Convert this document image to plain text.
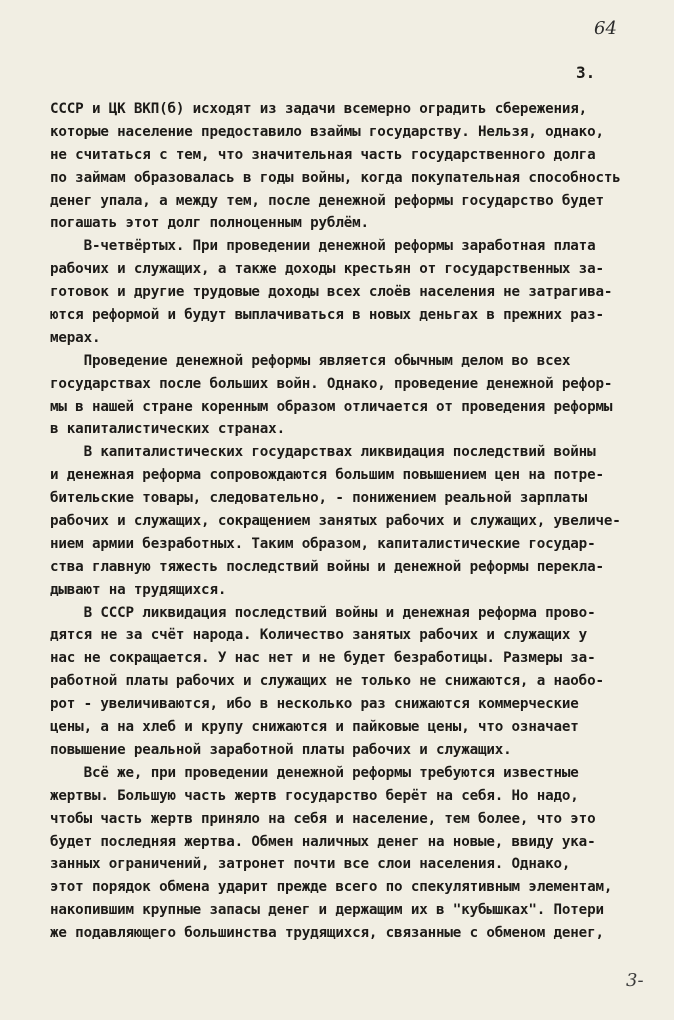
64
3.
СССР и ЦК ВКП(б) исходят из задачи всемерно оградить сбережения,
которые население предоставило взаймы государству. Нельзя, однако,
не считаться с тем, что значительная часть государственного долга
по займам образовалась в годы войны, когда покупательная способность
денег упала, а между тем, после денежной реформы государство будет
погашать этот долг полноценным рублём.
В-четвёртых. При проведении денежной реформы заработная плата
рабочих и служащих, а также доходы крестьян от государственных за-
готовок и другие трудовые доходы всех слоёв населения не затрагива-
ются реформой и будут выплачиваться в новых деньгах в прежних раз-
мерах.
Проведение денежной реформы является обычным делом во всех
государствах после больших войн. Однако, проведение денежной рефор-
мы в нашей стране коренным образом отличается от проведения реформы
в капиталистических странах.
В капиталистических государствах ликвидация последствий войны
и денежная реформа сопровождаются большим повышением цен на потре-
бительские товары, следовательно, - понижением реальной зарплаты
рабочих и служащих, сокращением занятых рабочих и служащих, увеличе-
нием армии безработных. Таким образом, капиталистические государ-
ства главную тяжесть последствий войны и денежной реформы перекла-
дывают на трудящихся.
В СССР ликвидация последствий войны и денежная реформа прово-
дятся не за счёт народа. Количество занятых рабочих и служащих у
нас не сокращается. У нас нет и не будет безработицы. Размеры за-
работной платы рабочих и служащих не только не снижаются, а наобо-
рот - увеличиваются, ибо в несколько раз снижаются коммерческие
цены, а на хлеб и крупу снижаются и пайковые цены, что означает
повышение реальной заработной платы рабочих и служащих.
Всё же, при проведении денежной реформы требуются известные
жертвы. Большую часть жертв государство берёт на себя. Но надо,
чтобы часть жертв приняло на себя и население, тем более, что это
будет последняя жертва. Обмен наличных денег на новые, ввиду ука-
занных ограничений, затронет почти все слои населения. Однако,
этот порядок обмена ударит прежде всего по спекулятивным элементам,
накопившим крупные запасы денег и держащим их в "кубышках". Потери
же подавляющего большинства трудящихся, связанные с обменом денег,
3-
